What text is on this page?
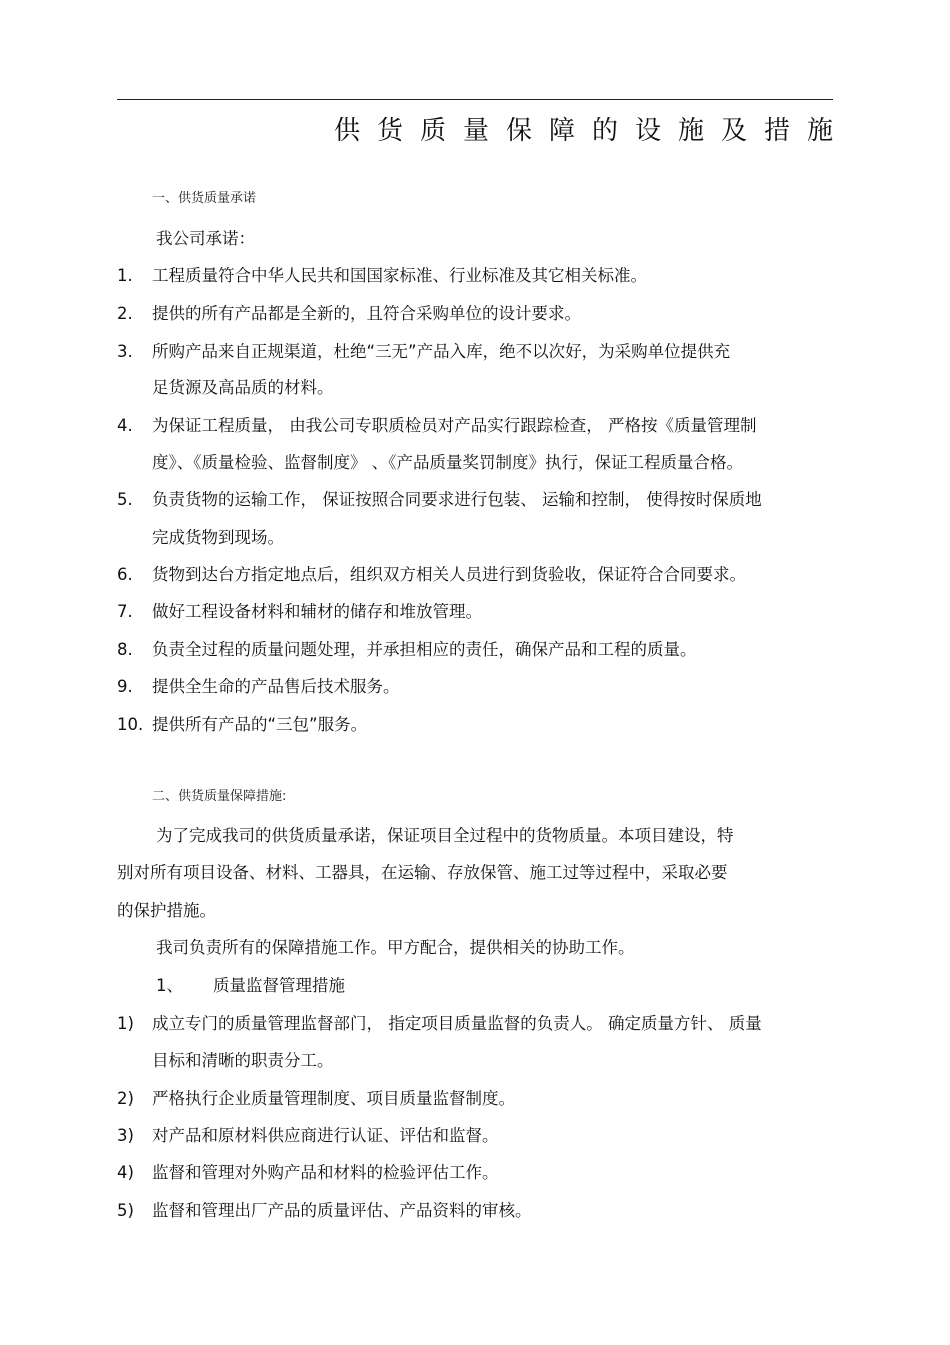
供货质量保障的设施及措施
一、供货质量承诺
我公司承诺：
1. 工程质量符合中华人民共和国国家标准、行业标准及其它相关标准。
2. 提供的所有产品都是全新的，且符合采购单位的设计要求。
3. 所购产品来自正规渠道，杜绝“三无”产品入库，绝不以次好，为采购单位提供充
足货源及高品质的材料。
4. 为保证工程质量， 由我公司专职质检员对产品实行跟踪检查， 严格按《质量管理制
度》、《质量检验、监督制度》 、《产品质量奖罚制度》执行，保证工程质量合格。
5. 负责货物的运输工作， 保证按照合同要求进行包装、 运输和控制， 使得按时保质地
完成货物到现场。
6. 货物到达台方指定地点后，组织双方相关人员进行到货验收，保证符合合同要求。
7. 做好工程设备材料和辅材的储存和堆放管理。
8. 负责全过程的质量问题处理，并承担相应的责任，确保产品和工程的质量。
9. 提供全生命的产品售后技术服务。
10. 提供所有产品的“三包”服务。
二、供货质量保障措施:
为了完成我司的供货质量承诺，保证项目全过程中的货物质量。本项目建设，特
别对所有项目设备、材料、工器具，在运输、存放保管、施工过等过程中，采取必要
的保护措施。
我司负责所有的保障措施工作。甲方配合，提供相关的协助工作。
1、 质量监督管理措施
1) 成立专门的质量管理监督部门， 指定项目质量监督的负责人。 确定质量方针、 质量
目标和清晰的职责分工。
2) 严格执行企业质量管理制度、项目质量监督制度。
3) 对产品和原材料供应商进行认证、评估和监督。
4) 监督和管理对外购产品和材料的检验评估工作。
5) 监督和管理出厂产品的质量评估、产品资料的审核。
